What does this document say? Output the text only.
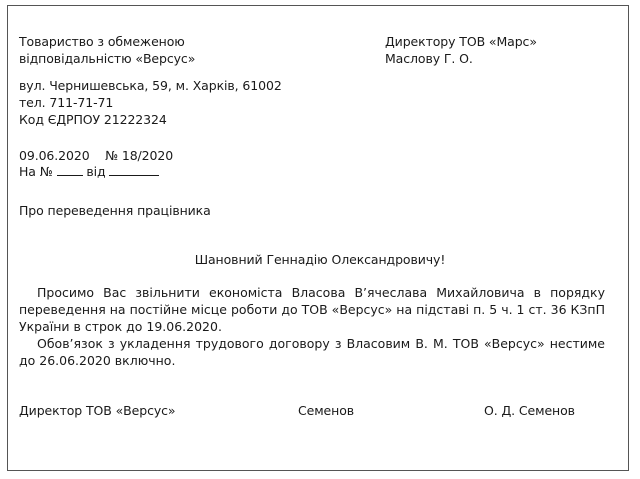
Товариство з обмеженою
відповідальністю «Версус»
вул. Чернишевська, 59, м. Харків, 61002
тел. 711-71-71
Код ЄДРПОУ 21222324
Директору ТОВ «Марс»
Маслову Г. О.
09.06.2020    № 18/2020
На №	від
Про переведення працівника
Шановний Геннадію Олександровичу!
Просимо Вас звільнити економіста Власова В’ячеслава Михайловича в порядку переведення на постійне місце роботи до ТОВ «Версус» на підставі п. 5 ч. 1 ст. 36 КЗпП України в строк до 19.06.2020.
Обов’язок з укладення трудового договору з Власовим В. М. ТОВ «Версус» нестиме до 26.06.2020 включно.
Директор ТОВ «Версус»	Семенов	О. Д. Семенов
